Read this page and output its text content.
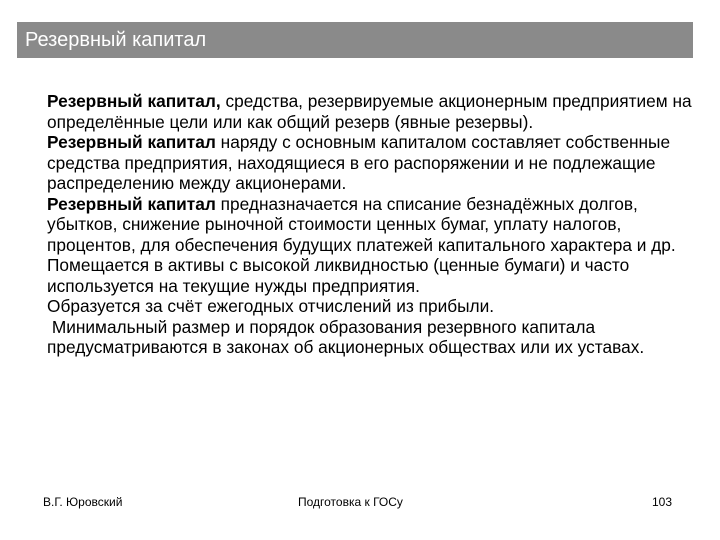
Резервный капитал

Резервный капитал, средства, резервируемые акционерным предприятием на определённые цели или как общий резерв (явные резервы).

Резервный капитал наряду с основным капиталом составляет собственные средства предприятия, находящиеся в его распоряжении и не подлежащие распределению между акционерами.

Резервный капитал предназначается на списание безнадёжных долгов, убытков, снижение рыночной стоимости ценных бумаг, уплату налогов, процентов, для обеспечения будущих платежей капитального характера и др.

Помещается в активы с высокой ликвидностью (ценные бумаги) и часто используется на текущие нужды предприятия.

Образуется за счёт ежегодных отчислений из прибыли.

Минимальный размер и порядок образования резервного капитала предусматриваются в законах об акционерных обществах или их уставах.

В.Г. Юровский	Подготовка к ГОСу	103
